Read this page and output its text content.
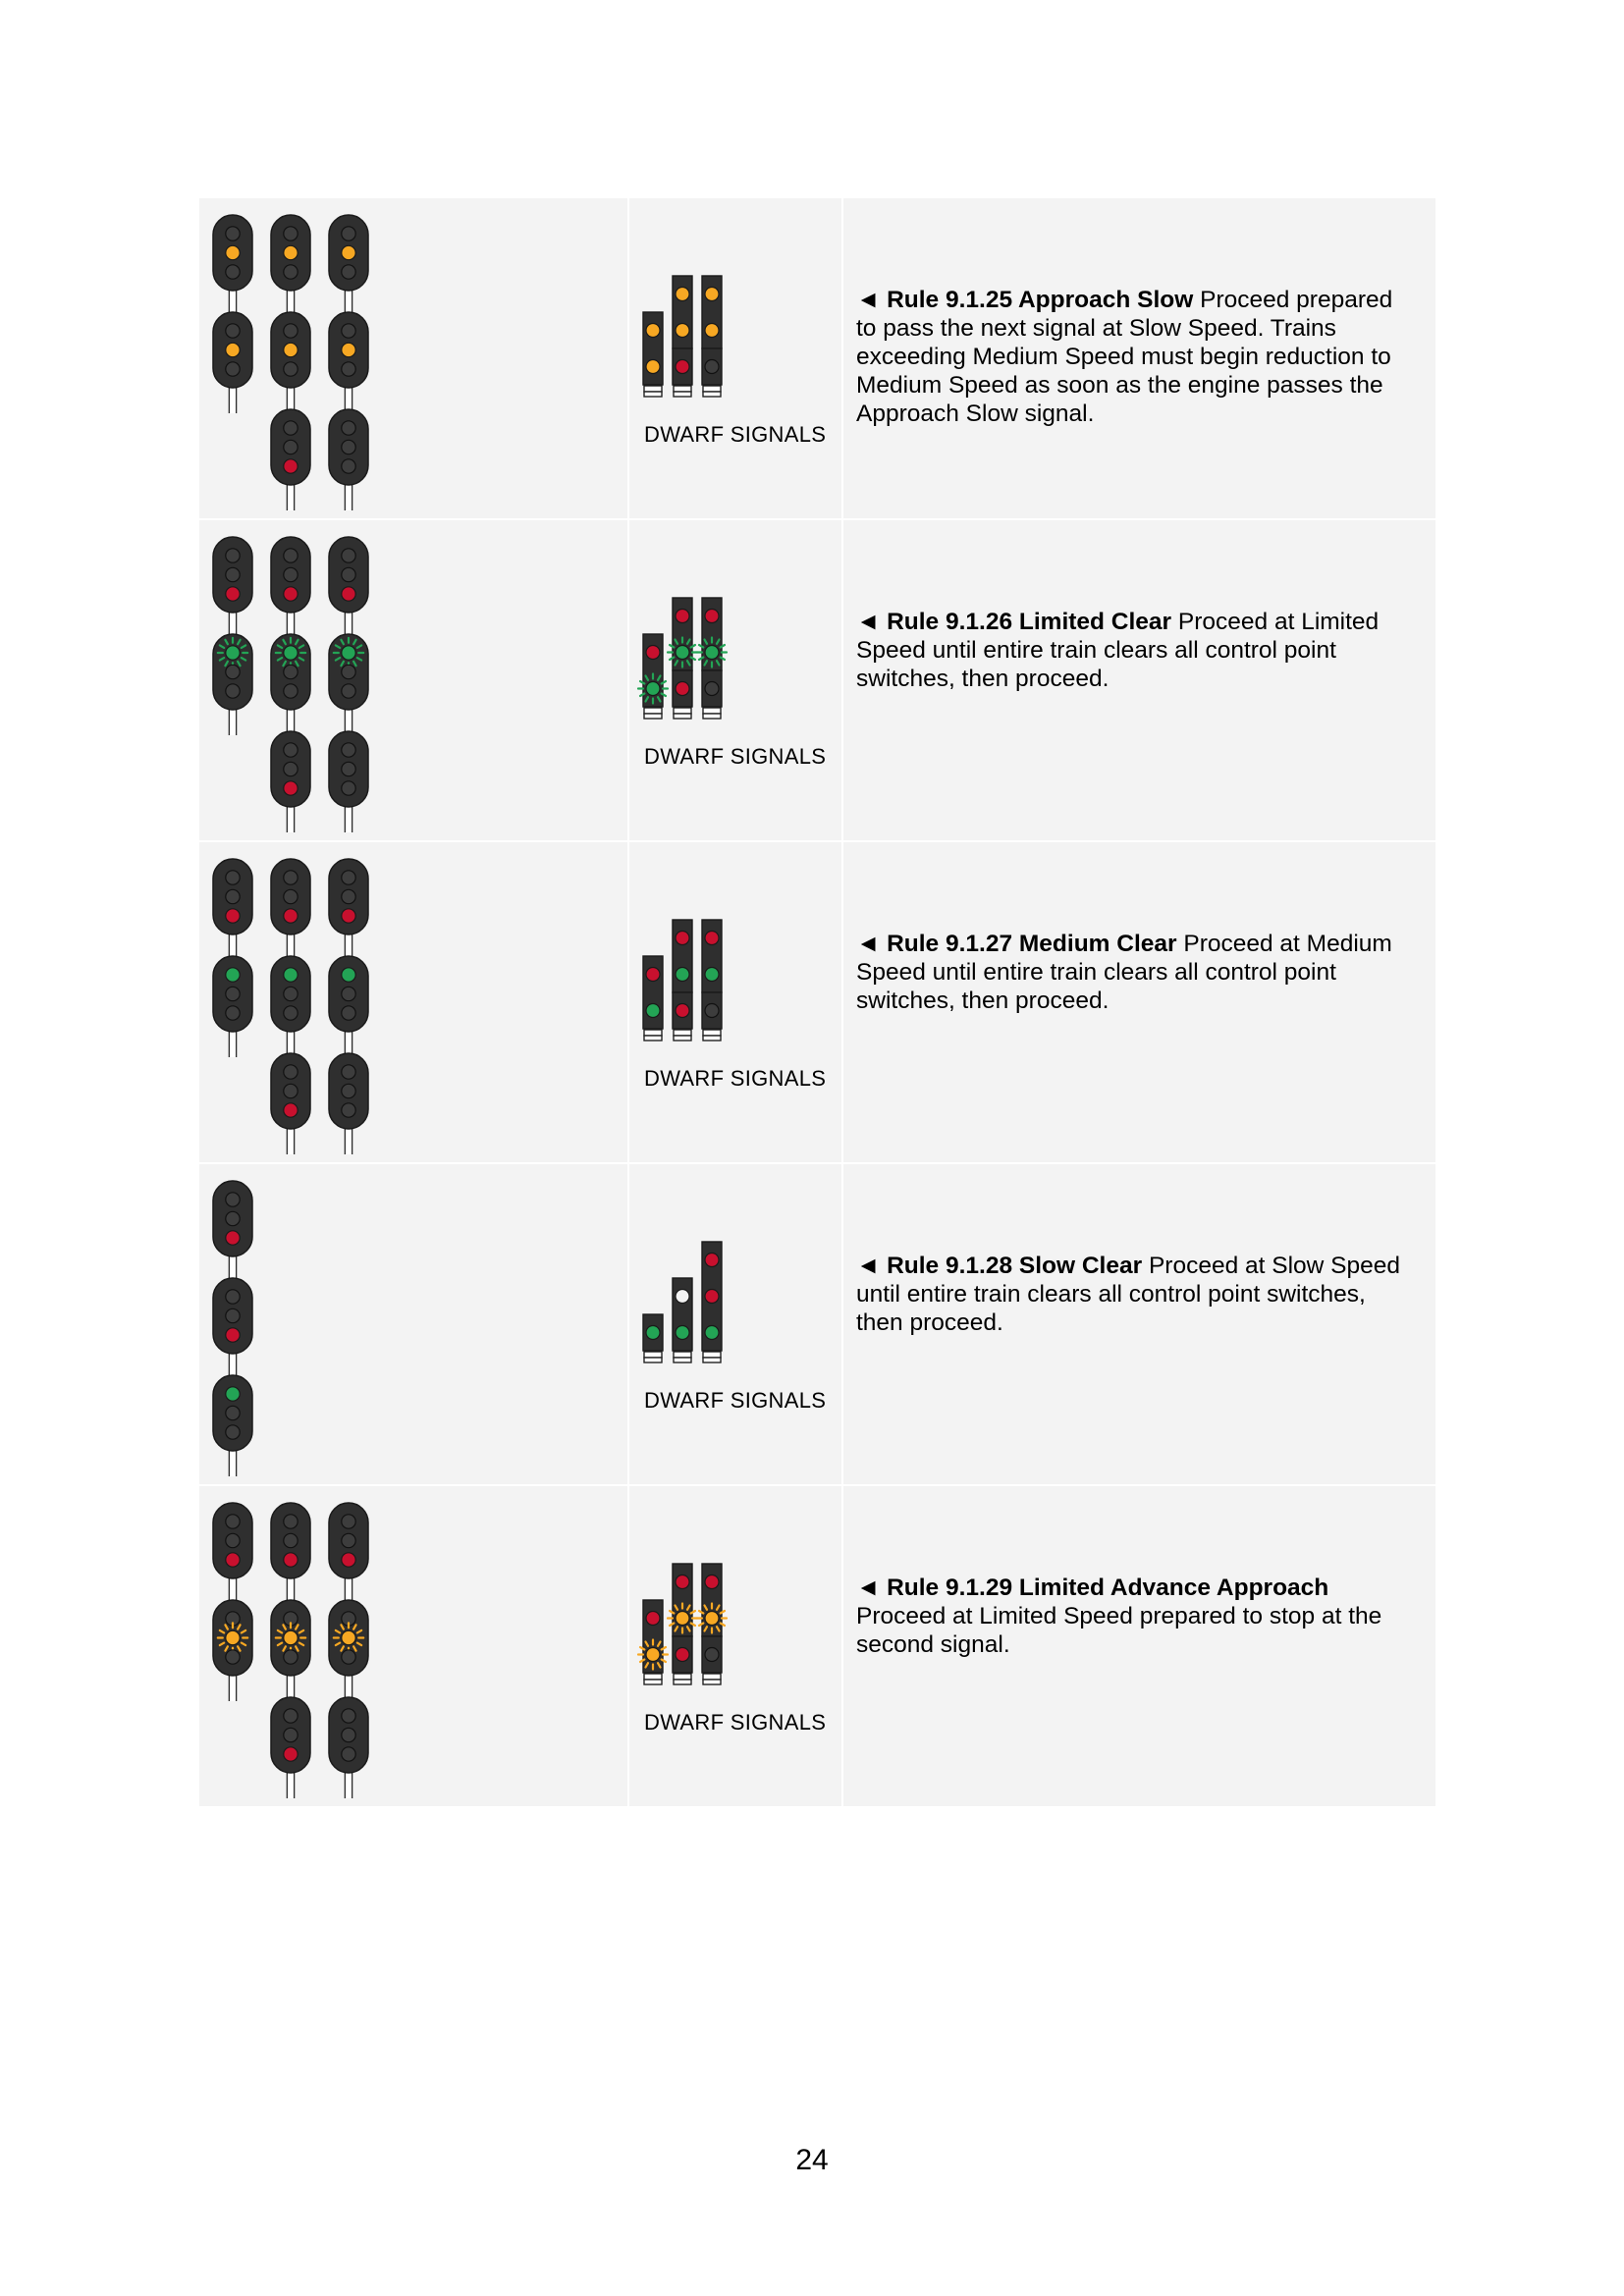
DWARF SIGNALS
◄ Rule 9.1.25 Approach Slow Proceed prepared to pass the next signal at Slow Speed. Trains exceeding Medium Speed must begin reduction to Medium Speed as soon as the engine passes the Approach Slow signal.
DWARF SIGNALS
◄ Rule 9.1.26 Limited Clear Proceed at Limited Speed until entire train clears all control point switches, then proceed.
DWARF SIGNALS
◄ Rule 9.1.27 Medium Clear Proceed at Medium Speed until entire train clears all control point switches, then proceed.
DWARF SIGNALS
◄ Rule 9.1.28 Slow Clear Proceed at Slow Speed until entire train clears all control point switches, then proceed.
DWARF SIGNALS
◄ Rule 9.1.29 Limited Advance Approach Proceed at Limited Speed prepared to stop at the second signal.
24
